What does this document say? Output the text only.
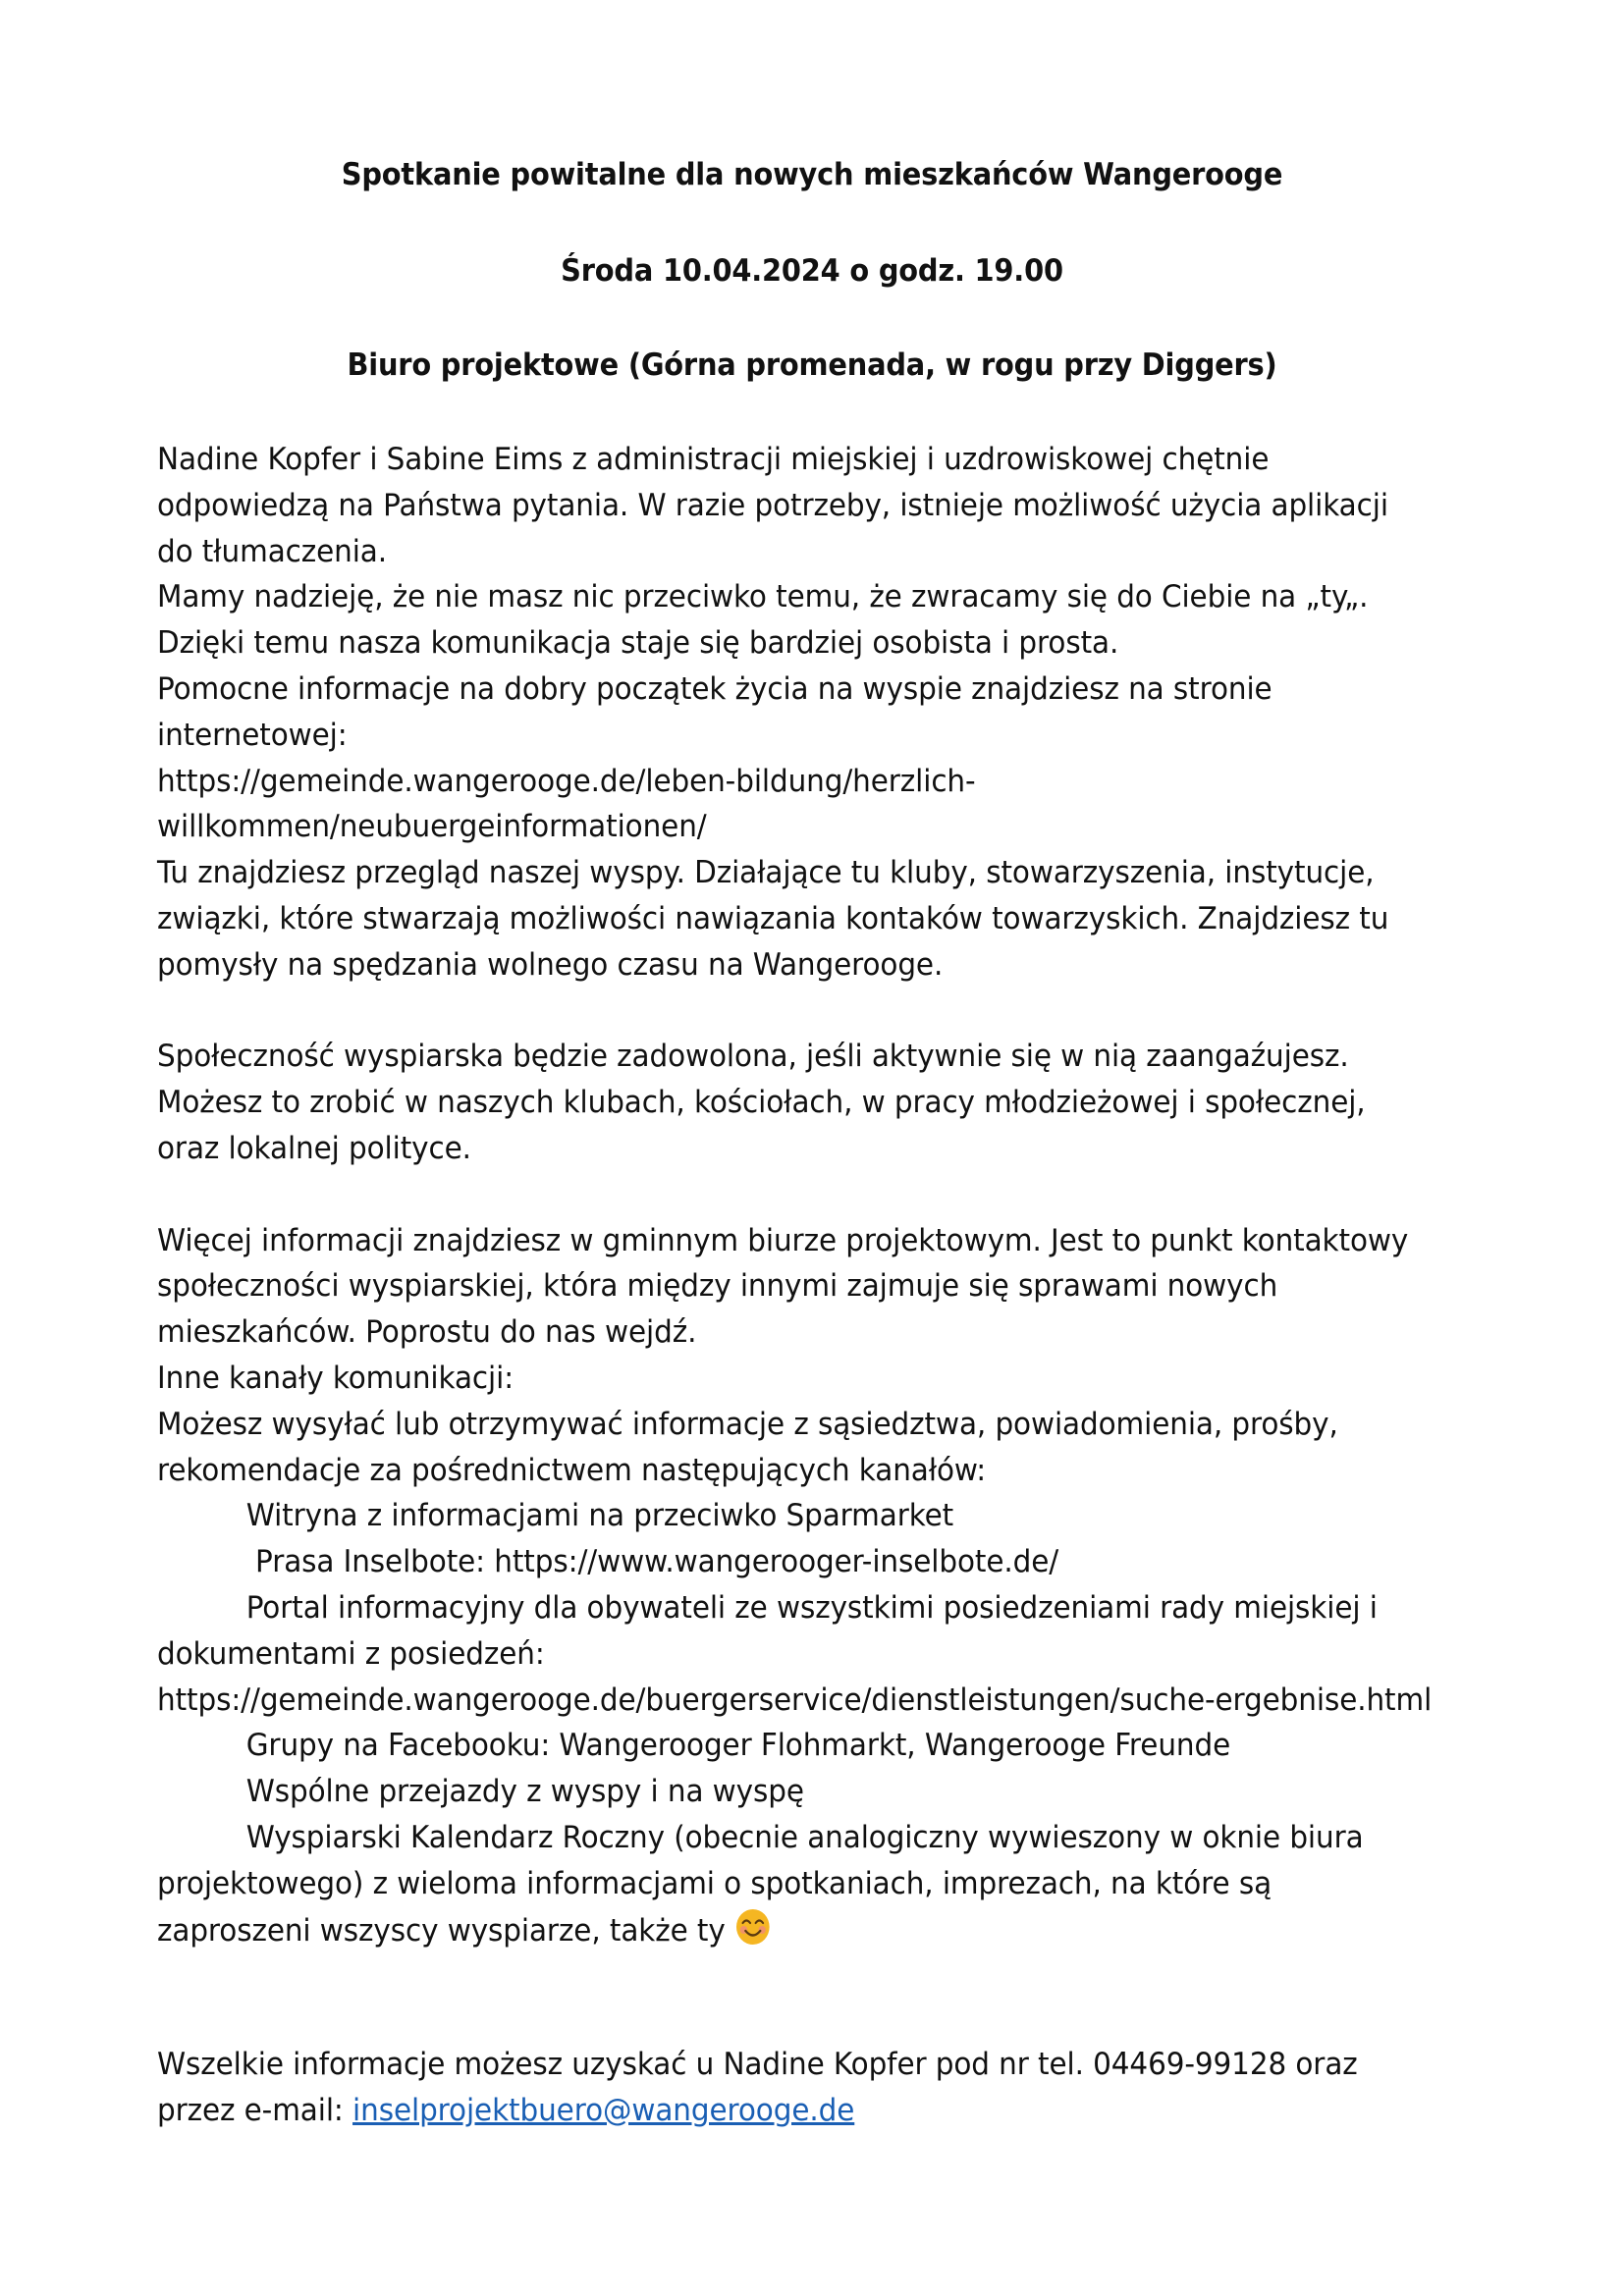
Spotkanie powitalne dla nowych mieszkańców Wangerooge
Środa 10.04.2024 o godz. 19.00
Biuro projektowe (Górna promenada, w rogu przy Diggers)
Nadine Kopfer i Sabine Eims z administracji miejskiej i uzdrowiskowej chętnie
odpowiedzą na Państwa pytania. W razie potrzeby, istnieje możliwość użycia aplikacji
do tłumaczenia.
Mamy nadzieję, że nie masz nic przeciwko temu, że zwracamy się do Ciebie na „ty„.
Dzięki temu nasza komunikacja staje się bardziej osobista i prosta.
Pomocne informacje na dobry początek życia na wyspie znajdziesz na stronie
internetowej:
https://gemeinde.wangerooge.de/leben-bildung/herzlich-
willkommen/neubuergeinformationen/
Tu znajdziesz przegląd naszej wyspy. Działające tu kluby, stowarzyszenia, instytucje,
związki, które stwarzają możliwości nawiązania kontaków towarzyskich. Znajdziesz tu
pomysły na spędzania wolnego czasu na Wangerooge.
Społeczność wyspiarska będzie zadowolona, jeśli aktywnie się w nią zaangaźujesz.
Możesz to zrobić w naszych klubach, kościołach, w pracy młodzieżowej i społecznej,
oraz lokalnej polityce.
Więcej informacji znajdziesz w gminnym biurze projektowym. Jest to punkt kontaktowy
społeczności wyspiarskiej, która między innymi zajmuje się sprawami nowych
mieszkańców. Poprostu do nas wejdź.
Inne kanały komunikacji:
Możesz wysyłać lub otrzymywać informacje z sąsiedztwa, powiadomienia, prośby,
rekomendacje za pośrednictwem następujących kanałów:
Witryna z informacjami na przeciwko Sparmarket
Prasa Inselbote: https://www.wangerooger-inselbote.de/
Portal informacyjny dla obywateli ze wszystkimi posiedzeniami rady miejskiej i
dokumentami z posiedzeń:
https://gemeinde.wangerooge.de/buergerservice/dienstleistungen/suche-ergebnise.html
Grupy na Facebooku: Wangerooger Flohmarkt, Wangerooge Freunde
Wspólne przejazdy z wyspy i na wyspę
Wyspiarski Kalendarz Roczny (obecnie analogiczny wywieszony w oknie biura
projektowego) z wieloma informacjami o spotkaniach, imprezach, na które są
zaproszeni wszyscy wyspiarze, także ty
Wszelkie informacje możesz uzyskać u Nadine Kopfer pod nr tel. 04469-99128 oraz
przez e-mail: inselprojektbuero@wangerooge.de
